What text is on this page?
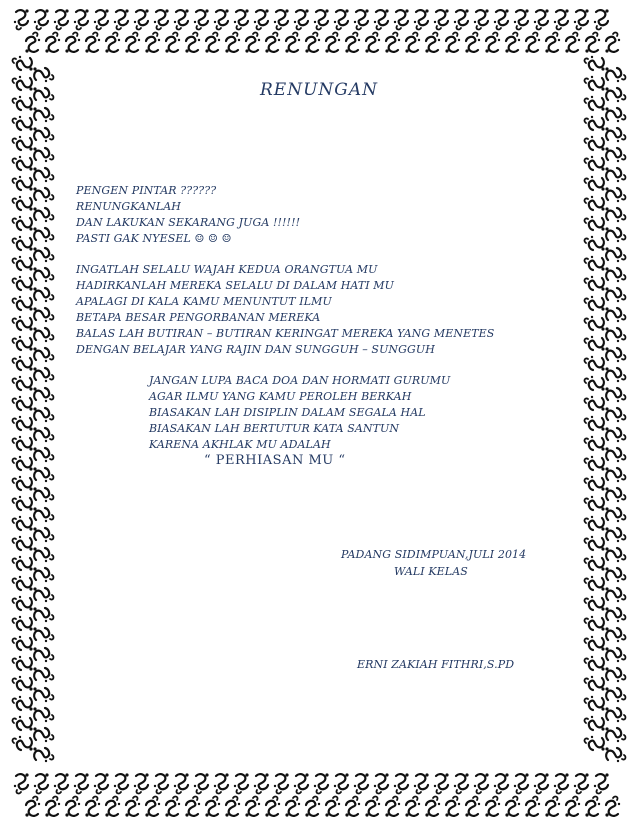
RENUNGAN
PENGEN PINTAR ??????
RENUNGKANLAH
DAN LAKUKAN SEKARANG JUGA !!!!!!
PASTI GAK NYESEL ☺ ☺ ☺
INGATLAH SELALU WAJAH KEDUA ORANGTUA MU
HADIRKANLAH MEREKA SELALU DI DALAM HATI MU
APALAGI DI KALA KAMU MENUNTUT ILMU
BETAPA BESAR PENGORBANAN MEREKA
BALAS LAH BUTIRAN – BUTIRAN KERINGAT MEREKA YANG MENETES
DENGAN BELAJAR YANG RAJIN DAN SUNGGUH – SUNGGUH
JANGAN LUPA BACA DOA DAN HORMATI GURUMU
AGAR ILMU YANG KAMU PEROLEH BERKAH
BIASAKAN LAH DISIPLIN DALAM SEGALA HAL
BIASAKAN LAH BERTUTUR KATA SANTUN
KARENA AKHLAK MU ADALAH
“ PERHIASAN MU “
PADANG SIDIMPUAN,JULI 2014
WALI KELAS
ERNI ZAKIAH FITHRI,S.PD
